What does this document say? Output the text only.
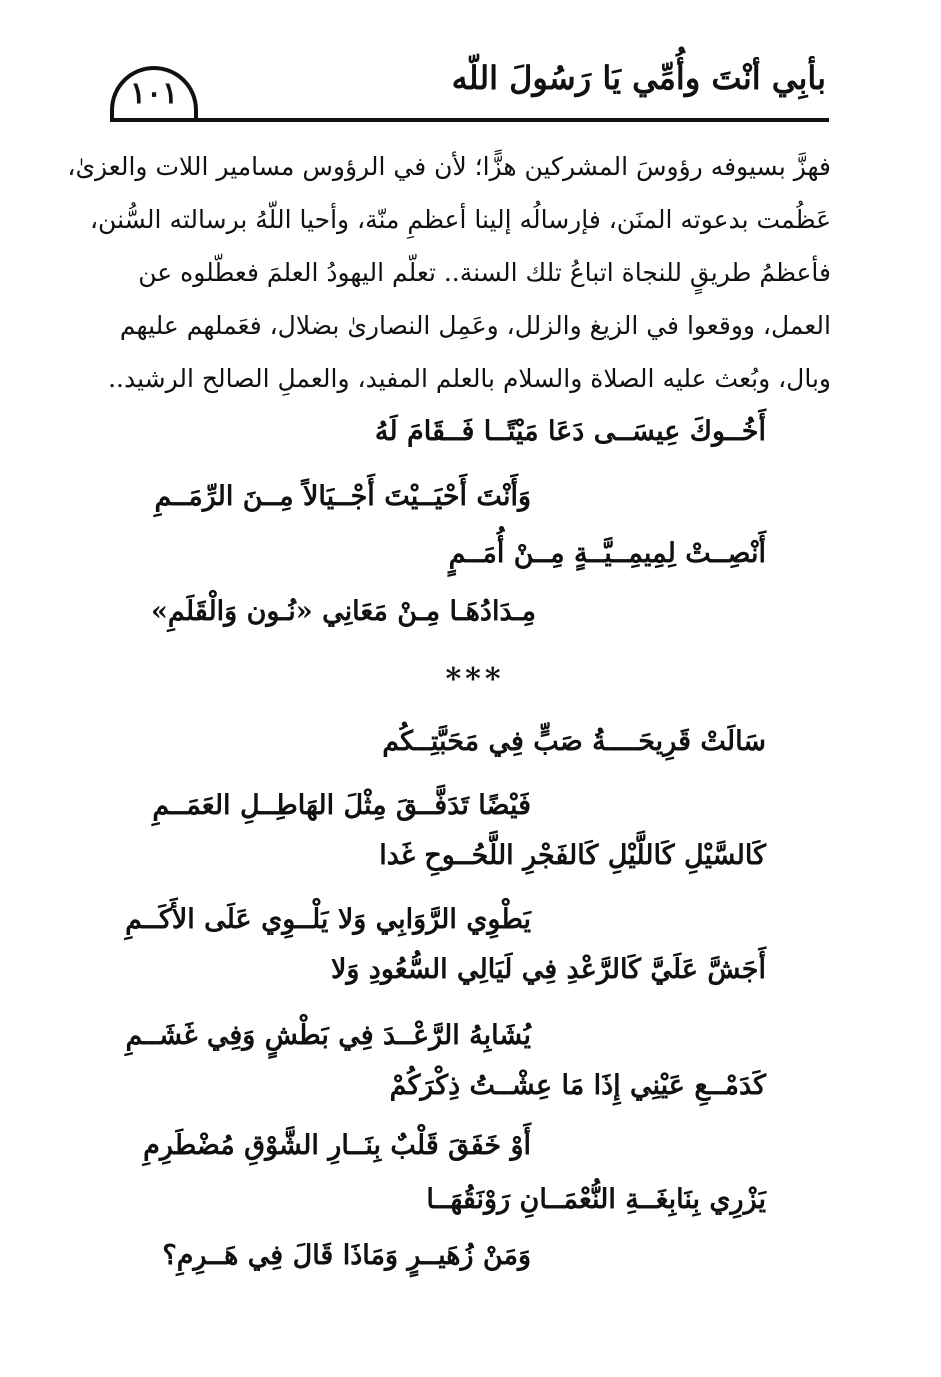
بأبِي أنْتَ وأُمِّي يَا رَسُولَ اللّه
١٠١

فهزَّ بسيوفه رؤوسَ المشركين هزًّا؛ لأن في الرؤوس مسامير اللات والعزىٰ،

عَظُمت بدعوته المنَن، فإرسالُه إلينا أعظمِ منّة، وأحيا اللّهُ برسالته السُّنن،

فأعظمُ طريقٍ للنجاة اتباعُ تلك السنة.. تعلّم اليهودُ العلمَ فعطّلوه عن

العمل، ووقعوا في الزيغ والزلل، وعَمِل النصارىٰ بضلال، فعَملهم عليهم

وبال، وبُعث عليه الصلاة والسلام بالعلم المفيد، والعملِ الصالح الرشيد..

أَخُــوكَ عِيسَــى دَعَا مَيْتًــا فَــقَامَ لَهُ
وَأَنْتَ أَحْيَــيْتَ أَجْــيَالاً مِــنَ الرِّمَــمِ
أَنْصِــتْ لِمِيمِــيَّــةٍ مِــنْ أُمَــمٍ
مِـدَادُهَـا مِـنْ مَعَانِي «نُـون وَالْقَلَمِ»
***
سَالَتْ قَرِيحَــــةُ صَبٍّ فِي مَحَبَّتِــكُم
فَيْضًا تَدَفَّــقَ مِثْلَ الهَاطِــلِ العَمَــمِ
كَالسَّيْلِ كَاللَّيْلِ كَالفَجْرِ اللَّحُــوحِ غَدا
يَطْوِي الرَّوَابِي وَلا يَلْــوِي عَلَى الأَكَــمِ
أَجَشَّ عَلَيَّ كَالرَّعْدِ فِي لَيَالِي السُّعُودِ وَلا
يُشَابِهُ الرَّعْــدَ فِي بَطْشٍ وَفِي غَشَــمِ
كَدَمْــعِ عَيْنِي إِذَا مَا عِشْــتُ ذِكْرَكُمْ
أَوْ خَفَقَ قَلْبٌ بِنَــارِ الشَّوْقِ مُضْطَرِمِ
يَزْرِي بِنَابِغَــةِ النُّعْمَــانِ رَوْنَقُهَــا
وَمَنْ زُهَيــرٍ وَمَاذَا قَالَ فِي هَــرِمِ؟
